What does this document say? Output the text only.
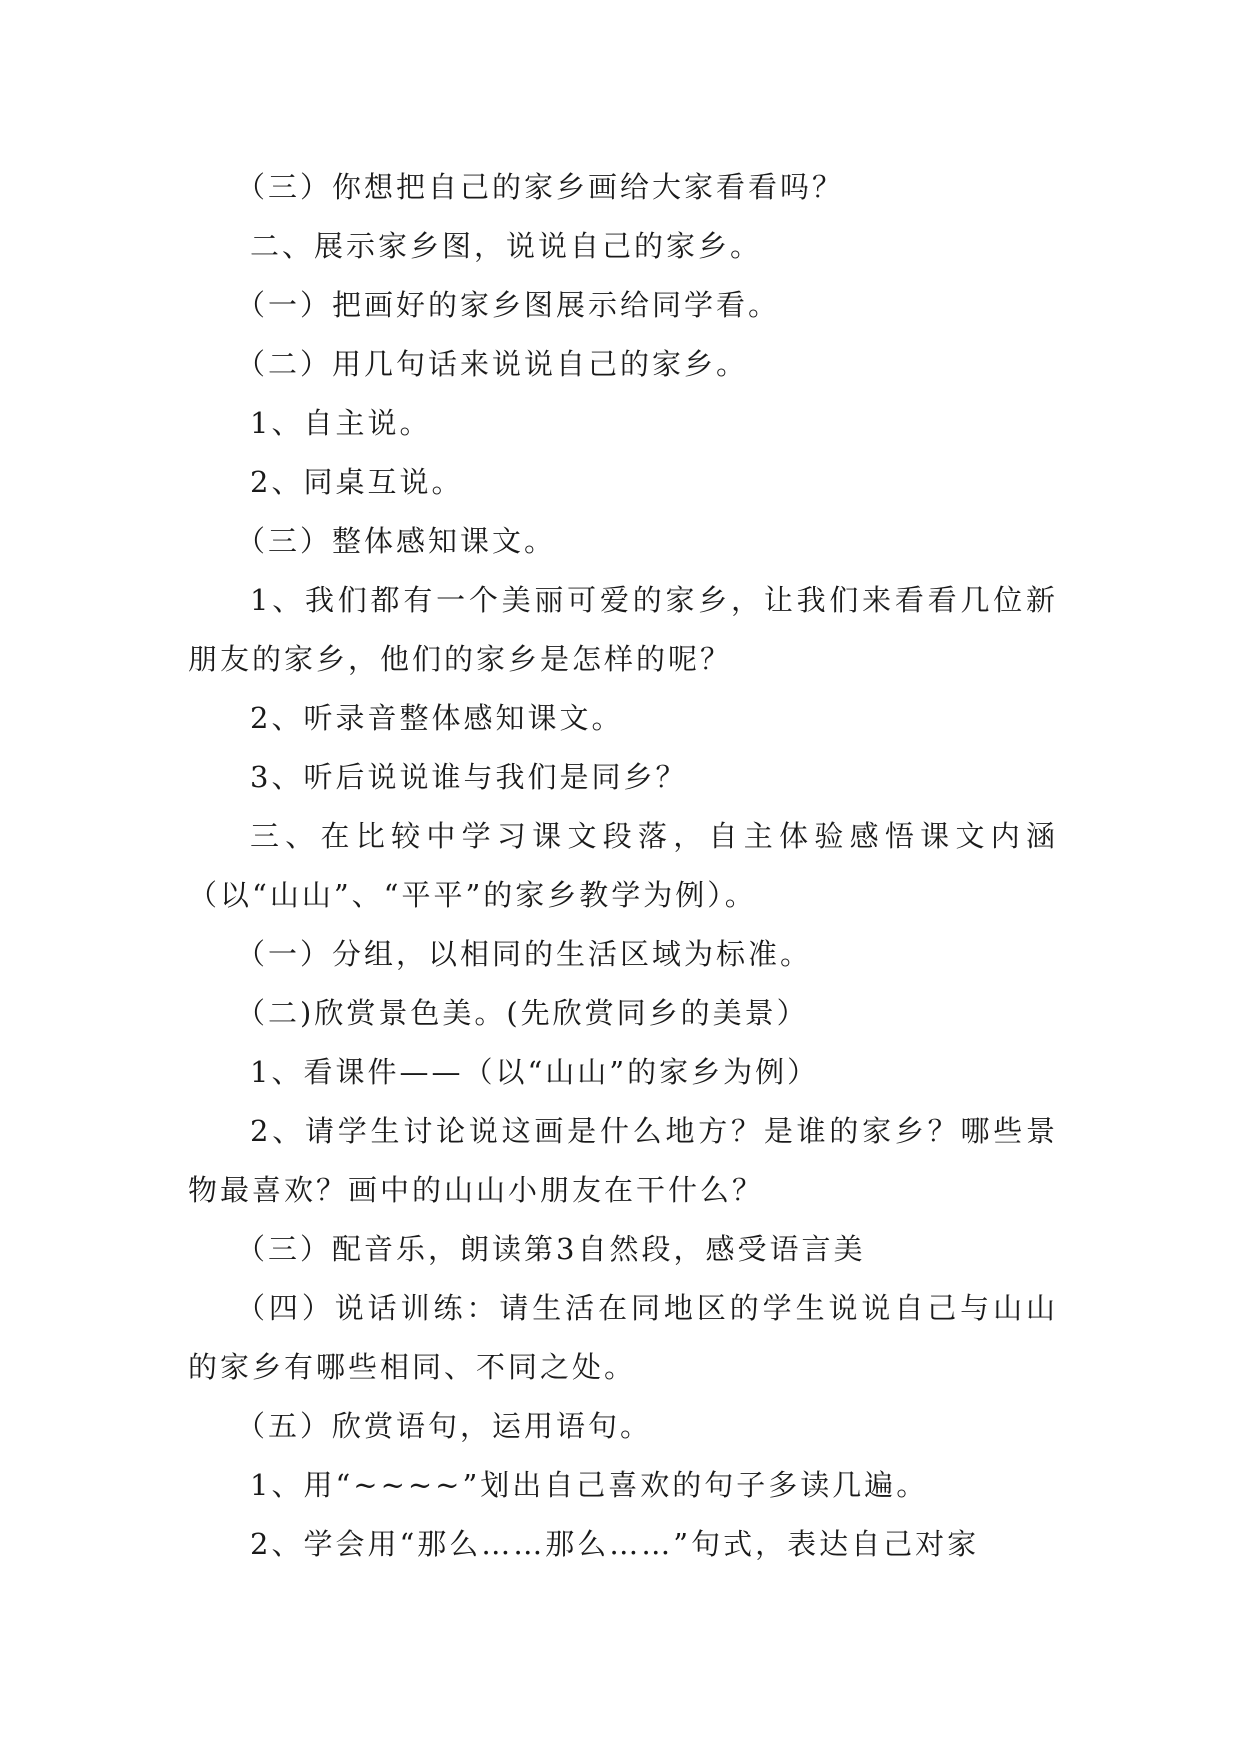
（三）你想把自己的家乡画给大家看看吗？

二、展示家乡图，说说自己的家乡。

（一）把画好的家乡图展示给同学看。

（二）用几句话来说说自己的家乡。

1、自主说。

2、同桌互说。

（三）整体感知课文。

1、我们都有一个美丽可爱的家乡，让我们来看看几位新朋友的家乡，他们的家乡是怎样的呢？

2、听录音整体感知课文。

3、听后说说谁与我们是同乡？

三、在比较中学习课文段落，自主体验感悟课文内涵（以“山山”、“平平”的家乡教学为例）。

（一）分组，以相同的生活区域为标准。

（二)欣赏景色美。(先欣赏同乡的美景）

1、看课件——（以“山山”的家乡为例）

2、请学生讨论说这画是什么地方？是谁的家乡？哪些景物最喜欢？画中的山山小朋友在干什么？

（三）配音乐，朗读第3自然段，感受语言美

（四）说话训练：请生活在同地区的学生说说自己与山山的家乡有哪些相同、不同之处。

（五）欣赏语句，运用语句。

1、用“~~~~”划出自己喜欢的句子多读几遍。

2、学会用“那么……那么……”句式，表达自己对家
